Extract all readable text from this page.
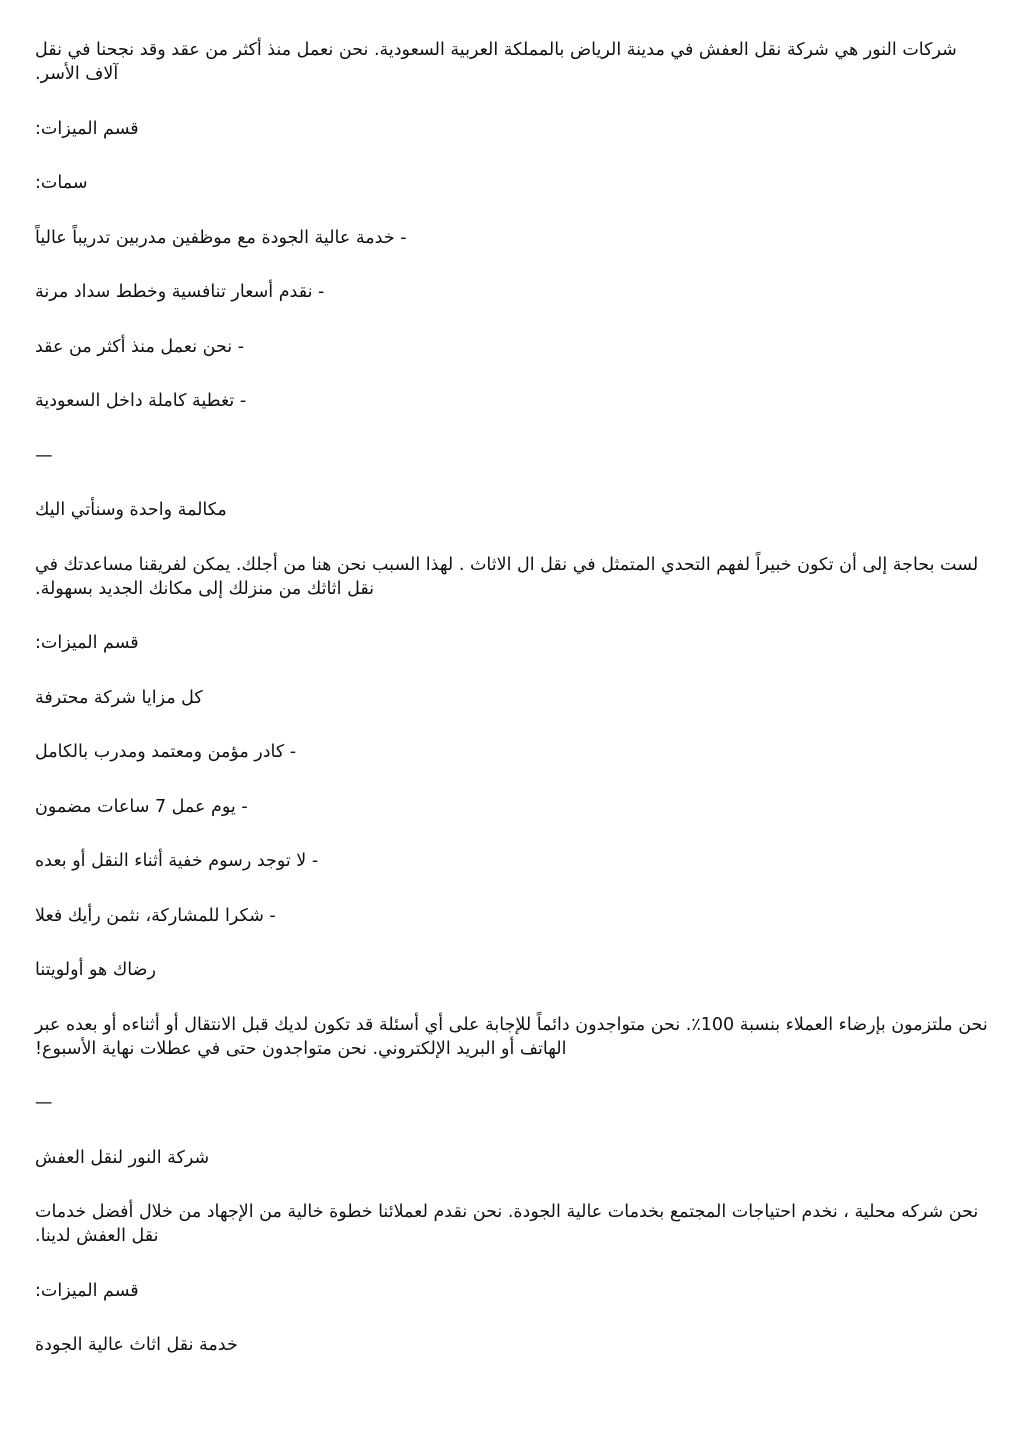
شركات النور هي شركة نقل العفش في مدينة الرياض بالمملكة العربية السعودية. نحن نعمل منذ أكثر من عقد وقد نجحنا في نقل آلاف الأسر.

قسم الميزات:

سمات:

- خدمة عالية الجودة مع موظفين مدربين تدريباً عالياً

- نقدم أسعار تنافسية وخطط سداد مرنة

- نحن نعمل منذ أكثر من عقد

- تغطية كاملة داخل السعودية

—

مكالمة واحدة وسنأتي اليك

لست بحاجة إلى أن تكون خبيراً لفهم التحدي المتمثل في نقل ال الاثاث . لهذا السبب نحن هنا من أجلك. يمكن لفريقنا مساعدتك في نقل اثاثك من منزلك إلى مكانك الجديد بسهولة.

قسم الميزات:

كل مزايا شركة محترفة

- كادر مؤمن ومعتمد ومدرب بالكامل

- يوم عمل 7 ساعات مضمون

- لا توجد رسوم خفية أثناء النقل أو بعده

- شكرا للمشاركة، نثمن رأيك فعلا

رضاك هو أولويتنا

نحن ملتزمون بإرضاء العملاء بنسبة 100٪. نحن متواجدون دائماً للإجابة على أي أسئلة قد تكون لديك قبل الانتقال أو أثناءه أو بعده عبر الهاتف أو البريد الإلكتروني. نحن متواجدون حتى في عطلات نهاية الأسبوع!

—

شركة النور لنقل العفش

نحن شركه محلية ، نخدم احتياجات المجتمع بخدمات عالية الجودة. نحن نقدم لعملائنا خطوة خالية من الإجهاد من خلال أفضل خدمات نقل العفش لدينا.

قسم الميزات:

خدمة نقل اثاث عالية الجودة
